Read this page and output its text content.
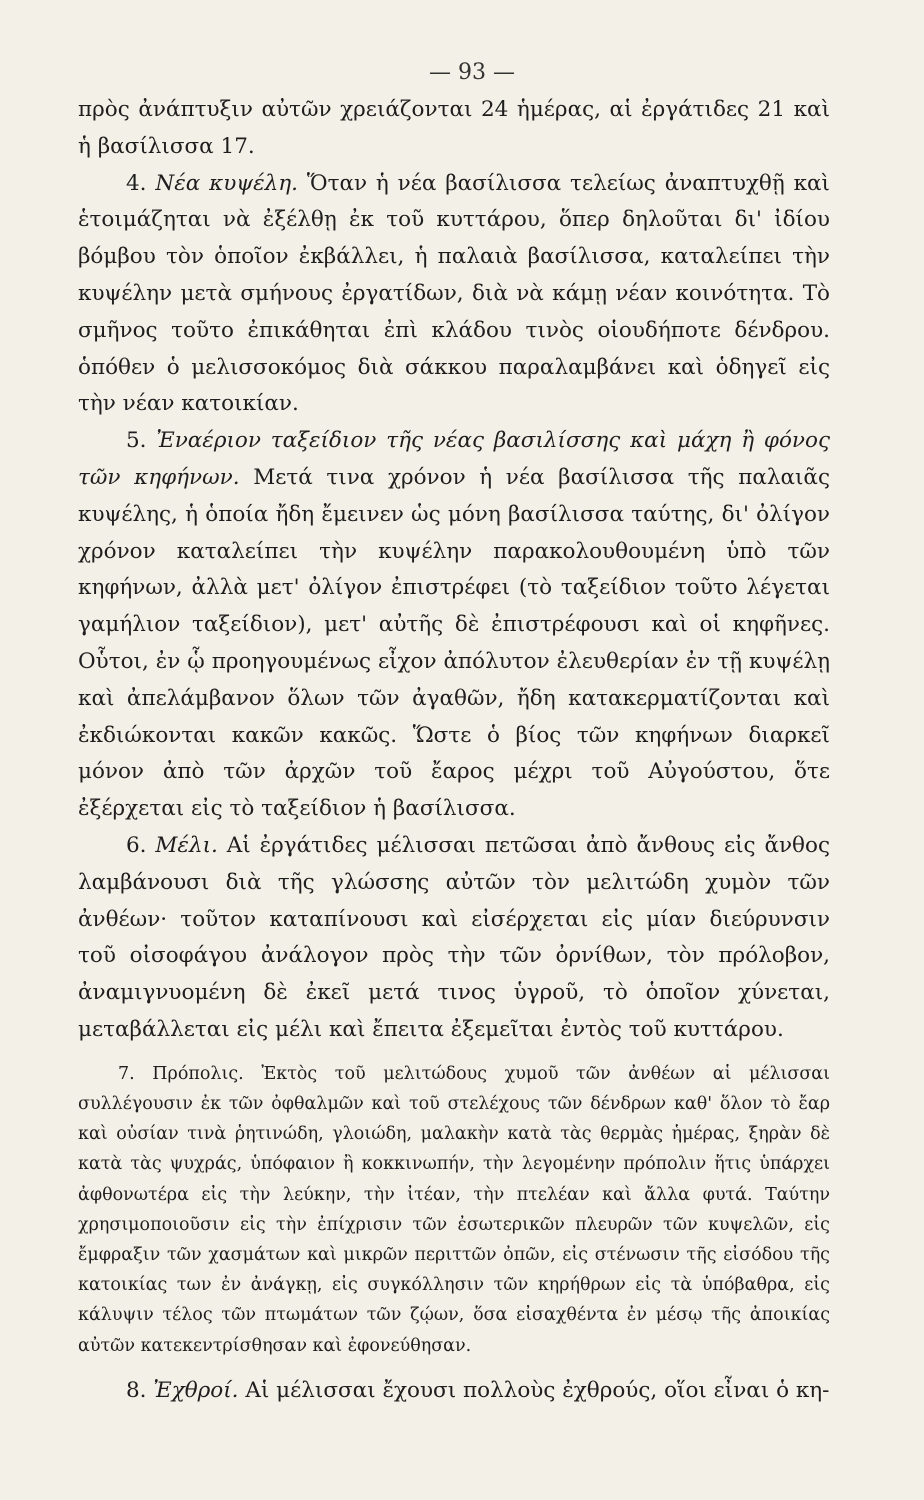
— 93 —

πρὸς ἀνάπτυξιν αὐτῶν χρειάζονται 24 ἡμέρας, αἱ ἐργάτιδες 21 καὶ ἡ βασίλισσα 17.

4. Νέα κυψέλη. Ὅταν ἡ νέα βασίλισσα τελείως ἀναπτυχθῇ καὶ ἑτοιμάζηται νὰ ἐξέλθῃ ἐκ τοῦ κυττάρου, ὅπερ δηλοῦται δι' ἰδίου βόμβου τὸν ὁποῖον ἐκβάλλει, ἡ παλαιὰ βασίλισσα, καταλείπει τὴν κυψέλην μετὰ σμήνους ἐργατίδων, διὰ νὰ κάμῃ νέαν κοινότητα. Τὸ σμῆνος τοῦτο ἐπικάθηται ἐπὶ κλάδου τινὸς οἱουδήποτε δένδρου. ὁπόθεν ὁ μελισσοκόμος διὰ σάκκου παραλαμβάνει καὶ ὁδηγεῖ εἰς τὴν νέαν κατοικίαν.

5. Ἐναέριον ταξείδιον τῆς νέας βασιλίσσης καὶ μάχη ἢ φόνος τῶν κηφήνων. Μετά τινα χρόνον ἡ νέα βασίλισσα τῆς παλαιᾶς κυψέλης, ἡ ὁποία ἤδη ἔμεινεν ὡς μόνη βασίλισσα ταύτης, δι' ὀλίγον χρόνον καταλείπει τὴν κυψέλην παρακολουθουμένη ὑπὸ τῶν κηφήνων, ἀλλὰ μετ' ὀλίγον ἐπιστρέφει (τὸ ταξείδιον τοῦτο λέγεται γαμήλιον ταξείδιον), μετ' αὐτῆς δὲ ἐπιστρέφουσι καὶ οἱ κηφῆνες. Οὗτοι, ἐν ᾧ προηγουμένως εἶχον ἀπόλυτον ἐλευθερίαν ἐν τῇ κυψέλῃ καὶ ἀπελάμβανον ὅλων τῶν ἀγαθῶν, ἤδη κατακερματίζονται καὶ ἐκδιώκονται κακῶν κακῶς. Ὥστε ὁ βίος τῶν κηφήνων διαρκεῖ μόνον ἀπὸ τῶν ἀρχῶν τοῦ ἔαρος μέχρι τοῦ Αὐγούστου, ὅτε ἐξέρχεται εἰς τὸ ταξείδιον ἡ βασίλισσα.

6. Μέλι. Αἱ ἐργάτιδες μέλισσαι πετῶσαι ἀπὸ ἄνθους εἰς ἄνθος λαμβάνουσι διὰ τῆς γλώσσης αὐτῶν τὸν μελιτώδη χυμὸν τῶν ἀνθέων· τοῦτον καταπίνουσι καὶ εἰσέρχεται εἰς μίαν διεύρυνσιν τοῦ οἰσοφάγου ἀνάλογον πρὸς τὴν τῶν ὀρνίθων, τὸν πρόλοβον, ἀναμιγνυομένη δὲ ἐκεῖ μετά τινος ὑγροῦ, τὸ ὁποῖον χύνεται, μεταβάλλεται εἰς μέλι καὶ ἔπειτα ἐξεμεῖται ἐντὸς τοῦ κυττάρου.

7. Πρόπολις. Ἐκτὸς τοῦ μελιτώδους χυμοῦ τῶν ἀνθέων αἱ μέλισσαι συλλέγουσιν ἐκ τῶν ὀφθαλμῶν καὶ τοῦ στελέχους τῶν δένδρων καθ' ὅλον τὸ ἔαρ καὶ οὐσίαν τινὰ ῥητινώδη, γλοιώδη, μαλακὴν κατὰ τὰς θερμὰς ἡμέρας, ξηρὰν δὲ κατὰ τὰς ψυχράς, ὑπόφαιον ἢ κοκκινωπήν, τὴν λεγομένην πρόπολιν ἥτις ὑπάρχει ἀφθονωτέρα εἰς τὴν λεύκην, τὴν ἰτέαν, τὴν πτελέαν καὶ ἄλλα φυτά. Ταύτην χρησιμοποιοῦσιν εἰς τὴν ἐπίχρισιν τῶν ἐσωτερικῶν πλευρῶν τῶν κυψελῶν, εἰς ἔμφραξιν τῶν χασμάτων καὶ μικρῶν περιττῶν ὀπῶν, εἰς στένωσιν τῆς εἰσόδου τῆς κατοικίας των ἐν ἀνάγκῃ, εἰς συγκόλλησιν τῶν κηρήθρων εἰς τὰ ὑπόβαθρα, εἰς κάλυψιν τέλος τῶν πτωμάτων τῶν ζῴων, ὅσα εἰσαχθέντα ἐν μέσῳ τῆς ἀποικίας αὐτῶν κατεκεντρίσθησαν καὶ ἐφονεύθησαν.

8. Ἐχθροί. Αἱ μέλισσαι ἔχουσι πολλοὺς ἐχθρούς, οἵοι εἶναι ὁ κη-
